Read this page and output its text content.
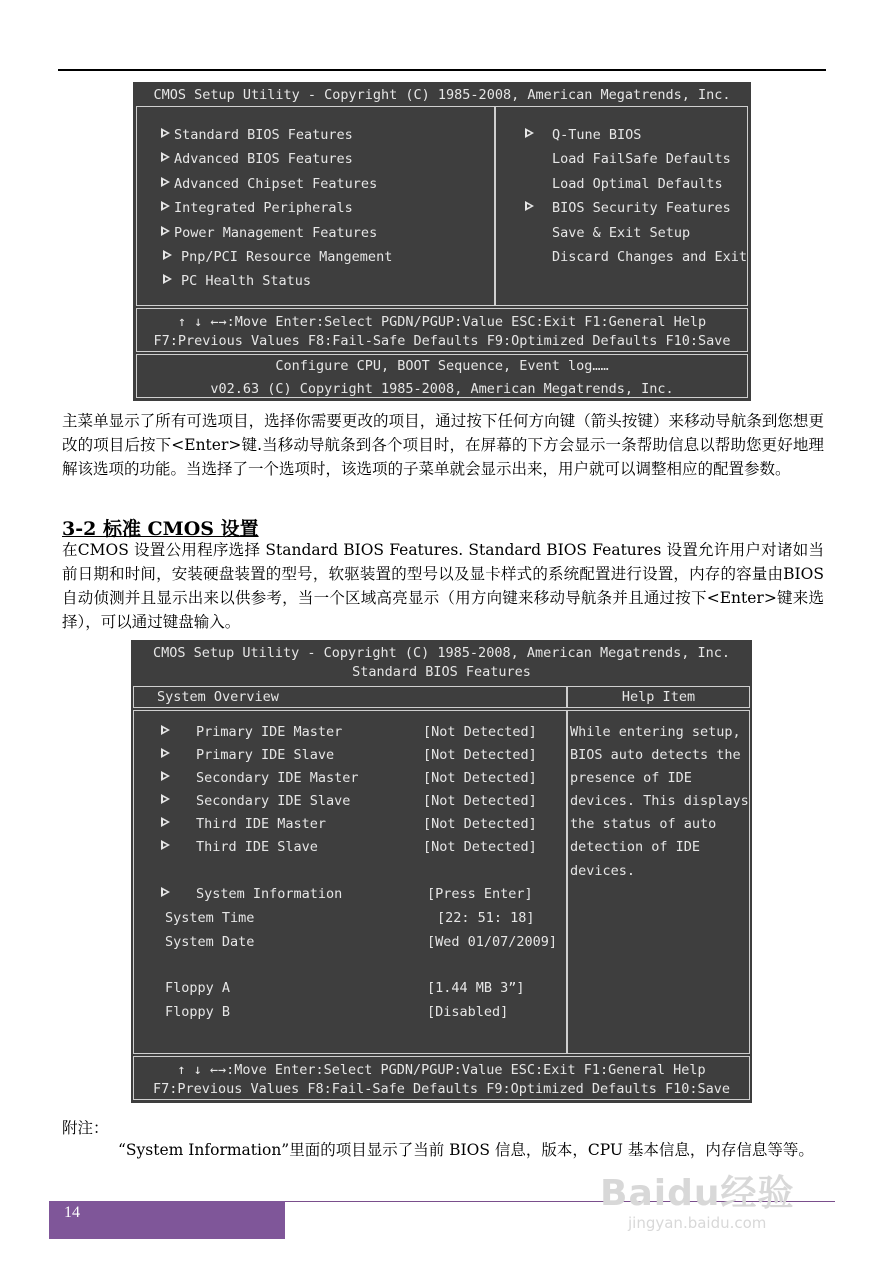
CMOS Setup Utility - Copyright (C) 1985-2008, American Megatrends, Inc.
Standard BIOS Features
Advanced BIOS Features
Advanced Chipset Features
Integrated Peripherals
Power Management Features
Pnp/PCI Resource Mangement
PC Health Status
Q-Tune BIOS
Load FailSafe Defaults
Load Optimal Defaults
BIOS Security Features
Save & Exit Setup
Discard Changes and Exit
↑ ↓ ←→:Move Enter:Select PGDN/PGUP:Value ESC:Exit F1:General Help
F7:Previous Values F8:Fail-Safe Defaults F9:Optimized Defaults F10:Save
Configure CPU, BOOT Sequence, Event log……
v02.63 (C) Copyright 1985-2008, American Megatrends, Inc.
主菜单显示了所有可选项目，选择你需要更改的项目，通过按下任何方向键（箭头按键）来移动导航条到您想更改的项目后按下<Enter>键.当移动导航条到各个项目时，在屏幕的下方会显示一条帮助信息以帮助您更好地理解该选项的功能。当选择了一个选项时，该选项的子菜单就会显示出来，用户就可以调整相应的配置参数。
3-2 标准 CMOS 设置
在CMOS 设置公用程序选择 Standard BIOS Features. Standard BIOS Features 设置允许用户对诸如当前日期和时间，安装硬盘装置的型号，软驱装置的型号以及显卡样式的系统配置进行设置，内存的容量由BIOS 自动侦测并且显示出来以供参考，当一个区域高亮显示（用方向键来移动导航条并且通过按下<Enter>键来选择），可以通过键盘输入。
CMOS Setup Utility - Copyright (C) 1985-2008, American Megatrends, Inc.
Standard BIOS Features
System Overview	Help Item
Primary IDE Master	[Not Detected]
Primary IDE Slave	[Not Detected]
Secondary IDE Master	[Not Detected]
Secondary IDE Slave	[Not Detected]
Third IDE Master	[Not Detected]
Third IDE Slave	[Not Detected]
System Information	[Press Enter]
System Time	[22: 51: 18]
System Date	[Wed 01/07/2009]
Floppy A	[1.44 MB 3”]
Floppy B	[Disabled]
While entering setup,
BIOS auto detects the
presence of IDE
devices. This displays
the status of auto
detection of IDE
devices.
↑ ↓ ←→:Move Enter:Select PGDN/PGUP:Value ESC:Exit F1:General Help
F7:Previous Values F8:Fail-Safe Defaults F9:Optimized Defaults F10:Save
附注：
“System Information”里面的项目显示了当前 BIOS 信息，版本，CPU 基本信息，内存信息等等。
14	Baidu经验
jingyan.baidu.com
